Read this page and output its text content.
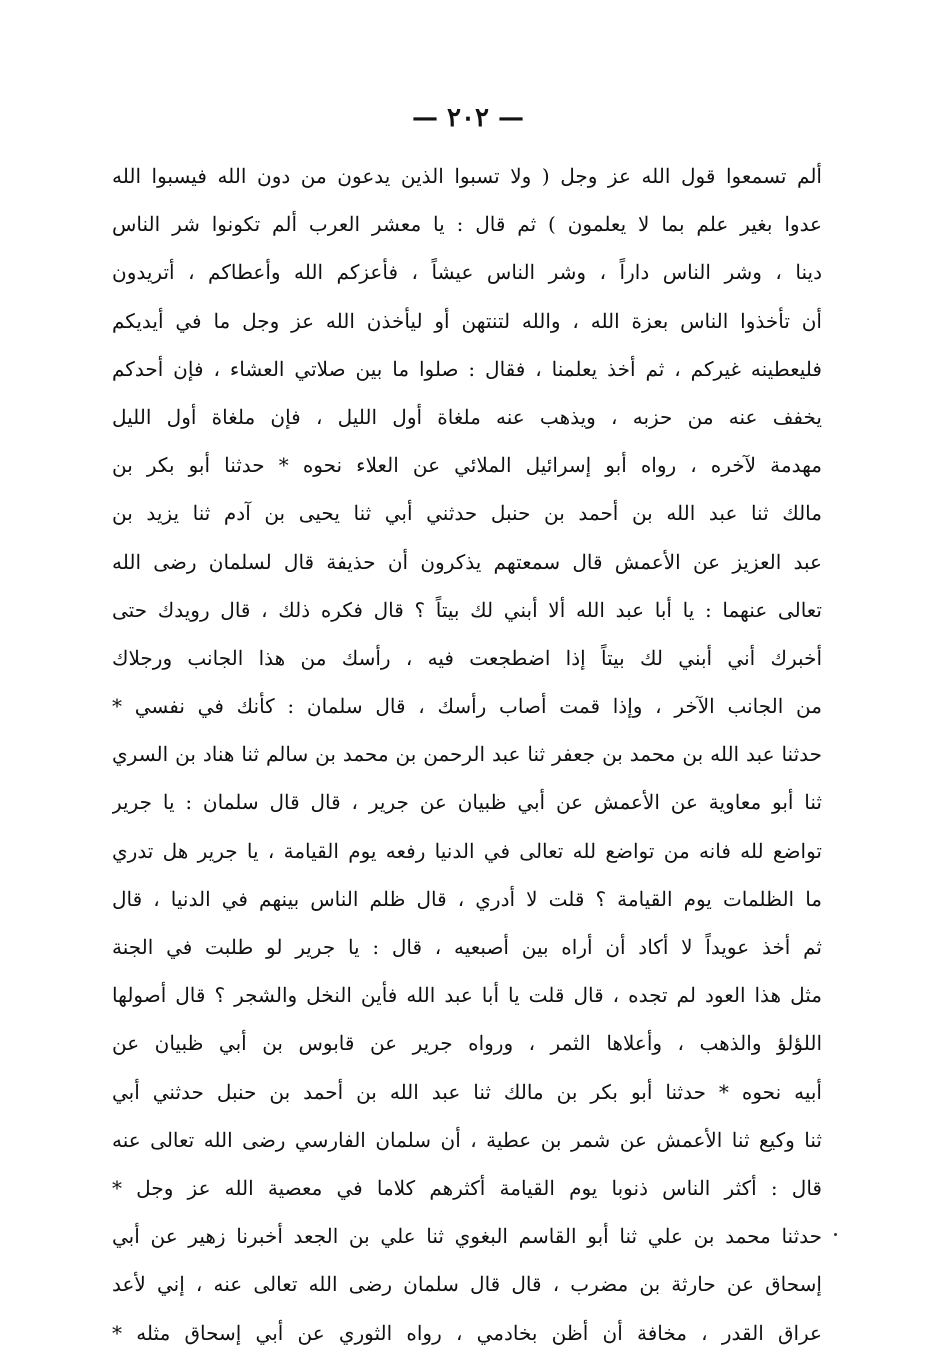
— ٢٠٢ —
ألم تسمعوا قول الله عز وجل ( ولا تسبوا الذين يدعون من دون الله فيسبوا الله
عدوا بغير علم بما لا يعلمون ) ثم قال : يا معشر العرب ألم تكونوا شر الناس
دينا ، وشر الناس داراً ، وشر الناس عيشاً ، فأعزكم الله وأعطاكم ، أتريدون
أن تأخذوا الناس بعزة الله ، والله لتنتهن أو ليأخذن الله عز وجل ما في أيديكم
فليعطينه غيركم ، ثم أخذ يعلمنا ، فقال : صلوا ما بين صلاتي العشاء ، فإن أحدكم
يخفف عنه من حزبه ، ويذهب عنه ملغاة أول الليل ، فإن ملغاة أول الليل
مهدمة لآخره ، رواه أبو إسرائيل الملائي عن العلاء نحوه * حدثنا أبو بكر بن
مالك ثنا عبد الله بن أحمد بن حنبل حدثني أبي ثنا يحيى بن آدم ثنا يزيد بن
عبد العزيز عن الأعمش قال سمعتهم يذكرون أن حذيفة قال لسلمان رضى الله
تعالى عنهما : يا أبا عبد الله ألا أبني لك بيتاً ؟ قال فكره ذلك ، قال رويدك حتى
أخبرك أني أبني لك بيتاً إذا اضطجعت فيه ، رأسك من هذا الجانب ورجلاك
من الجانب الآخر ، وإذا قمت أصاب رأسك ، قال سلمان : كأنك في نفسي *
حدثنا عبد الله بن محمد بن جعفر ثنا عبد الرحمن بن محمد بن سالم ثنا هناد بن السري
ثنا أبو معاوية عن الأعمش عن أبي ظبيان عن جرير ، قال قال سلمان : يا جرير
تواضع لله فانه من تواضع لله تعالى في الدنيا رفعه يوم القيامة ، يا جرير هل تدري
ما الظلمات يوم القيامة ؟ قلت لا أدري ، قال ظلم الناس بينهم في الدنيا ، قال
ثم أخذ عويداً لا أكاد أن أراه بين أصبعيه ، قال : يا جرير لو طلبت في الجنة
مثل هذا العود لم تجده ، قال قلت يا أبا عبد الله فأين النخل والشجر ؟ قال أصولها
اللؤلؤ والذهب ، وأعلاها الثمر ، ورواه جرير عن قابوس بن أبي ظبيان عن
أبيه نحوه * حدثنا أبو بكر بن مالك ثنا عبد الله بن أحمد بن حنبل حدثني أبي
ثنا وكيع ثنا الأعمش عن شمر بن عطية ، أن سلمان الفارسي رضى الله تعالى عنه
قال : أكثر الناس ذنوبا يوم القيامة أكثرهم كلاما في معصية الله عز وجل *
حدثنا محمد بن علي ثنا أبو القاسم البغوي ثنا علي بن الجعد أخبرنا زهير عن أبي
إسحاق عن حارثة بن مضرب ، قال قال سلمان رضى الله تعالى عنه ، إني لأعد
عراق القدر ، مخافة أن أظن بخادمي ، رواه الثوري عن أبي إسحاق مثله *
